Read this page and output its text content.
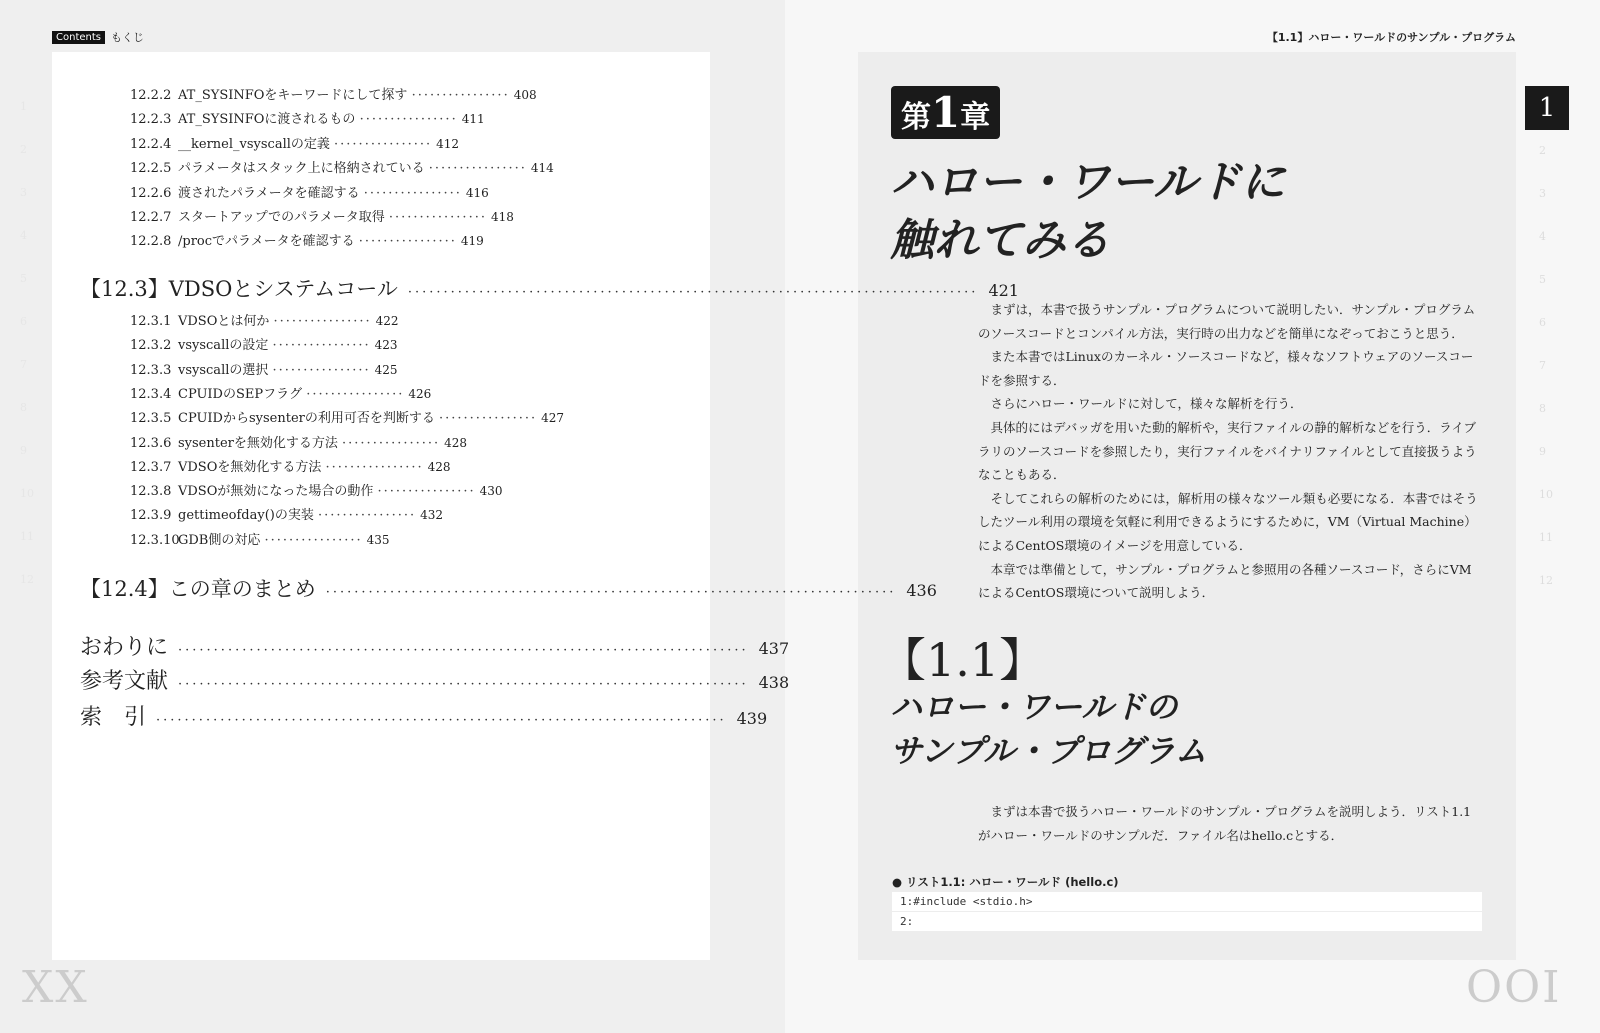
Contents もくじ	【1.1】ハロー・ワールドのサンプル・プログラム
12.2.2 AT_SYSINFOをキーワードにして探す ················ 408
12.2.3 AT_SYSINFOに渡されるもの ················ 411
12.2.4 __kernel_vsyscallの定義 ················ 412
12.2.5 パラメータはスタック上に格納されている ················ 414
12.2.6 渡されたパラメータを確認する ················ 416
12.2.7 スタートアップでのパラメータ取得 ················ 418
12.2.8 /procでパラメータを確認する ················ 419
12.3.1 VDSOとは何か ················ 422
12.3.2 vsyscallの設定 ················ 423
12.3.3 vsyscallの選択 ················ 425
12.3.4 CPUIDのSEPフラグ ················ 426
12.3.5 CPUIDからsysenterの利用可否を判断する ················ 427
12.3.6 sysenterを無効化する方法 ················ 428
12.3.7 VDSOを無効化する方法 ················ 428
12.3.8 VDSOが無効になった場合の動作 ················ 430
12.3.9 gettimeofday()の実装 ················ 432
12.3.10GDB側の対応 ················ 435
【12.3】VDSOとシステムコール ················································································ 421
【12.4】この章のまとめ ················································································ 436
おわりに ················································································ 437
参考文献 ················································································ 438
索　引 ················································································ 439
1
2
3
4
5
6
7
8
9
10
11
12
XX
第1章
ハロー・ワールドに
触れてみる

まずは，本書で扱うサンプル・プログラムについて説明したい．サンプル・プログラムのソースコードとコンパイル方法，実行時の出力などを簡単になぞっておこうと思う．

また本書ではLinuxのカーネル・ソースコードなど，様々なソフトウェアのソースコードを参照する．

さらにハロー・ワールドに対して，様々な解析を行う．

具体的にはデバッガを用いた動的解析や，実行ファイルの静的解析などを行う．ライブラリのソースコードを参照したり，実行ファイルをバイナリファイルとして直接扱うようなこともある．

そしてこれらの解析のためには，解析用の様々なツール類も必要になる．本書ではそうしたツール利用の環境を気軽に利用できるようにするために，VM（Virtual Machine）によるCentOS環境のイメージを用意している．

本章では準備として，サンプル・プログラムと参照用の各種ソースコード，さらにVMによるCentOS環境について説明しよう．

【1.1】
ハロー・ワールドの
サンプル・プログラム

まずは本書で扱うハロー・ワールドのサンプル・プログラムを説明しよう．リスト1.1がハロー・ワールドのサンプルだ．ファイル名はhello.cとする．

● リスト1.1: ハロー・ワールド (hello.c)
1:#include <stdio.h>
2:
1
2
3
4
5
6
7
8
9
10
11
12
OOI
